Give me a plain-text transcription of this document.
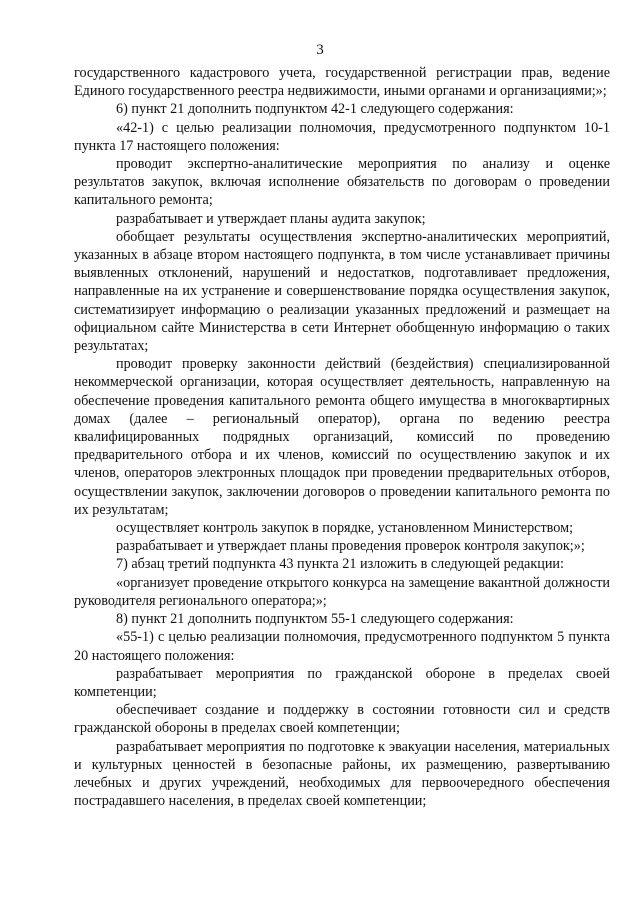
3

государственного кадастрового учета, государственной регистрации прав, ведение Единого государственного реестра недвижимости, иными органами и организациями;»;

6) пункт 21 дополнить подпунктом 42-1 следующего содержания:

«42-1) с целью реализации полномочия, предусмотренного подпунктом 10-1 пункта 17 настоящего положения:

проводит экспертно-аналитические мероприятия по анализу и оценке результатов закупок, включая исполнение обязательств по договорам о проведении капитального ремонта;

разрабатывает и утверждает планы аудита закупок;

обобщает результаты осуществления экспертно-аналитических мероприятий, указанных в абзаце втором настоящего подпункта, в том числе устанавливает причины выявленных отклонений, нарушений и недостатков, подготавливает предложения, направленные на их устранение и совершенствование порядка осуществления закупок, систематизирует информацию о реализации указанных предложений и размещает на официальном сайте Министерства в сети Интернет обобщенную информацию о таких результатах;

проводит проверку законности действий (бездействия) специализированной некоммерческой организации, которая осуществляет деятельность, направленную на обеспечение проведения капитального ремонта общего имущества в многоквартирных домах (далее – региональный оператор), органа по ведению реестра квалифицированных подрядных организаций, комиссий по проведению предварительного отбора и их членов, комиссий по осуществлению закупок и их членов, операторов электронных площадок при проведении предварительных отборов, осуществлении закупок, заключении договоров о проведении капитального ремонта по их результатам;

осуществляет контроль закупок в порядке, установленном Министерством;

разрабатывает и утверждает планы проведения проверок контроля закупок;»;

7) абзац третий подпункта 43 пункта 21 изложить в следующей редакции:

«организует проведение открытого конкурса на замещение вакантной должности руководителя регионального оператора;»;

8) пункт 21 дополнить подпунктом 55-1 следующего содержания:

«55-1) с целью реализации полномочия, предусмотренного подпунктом 5 пункта 20 настоящего положения:

разрабатывает мероприятия по гражданской обороне в пределах своей компетенции;

обеспечивает создание и поддержку в состоянии готовности сил и средств гражданской обороны в пределах своей компетенции;

разрабатывает мероприятия по подготовке к эвакуации населения, материальных и культурных ценностей в безопасные районы, их размещению, развертыванию лечебных и других учреждений, необходимых для первоочередного обеспечения пострадавшего населения, в пределах своей компетенции;
